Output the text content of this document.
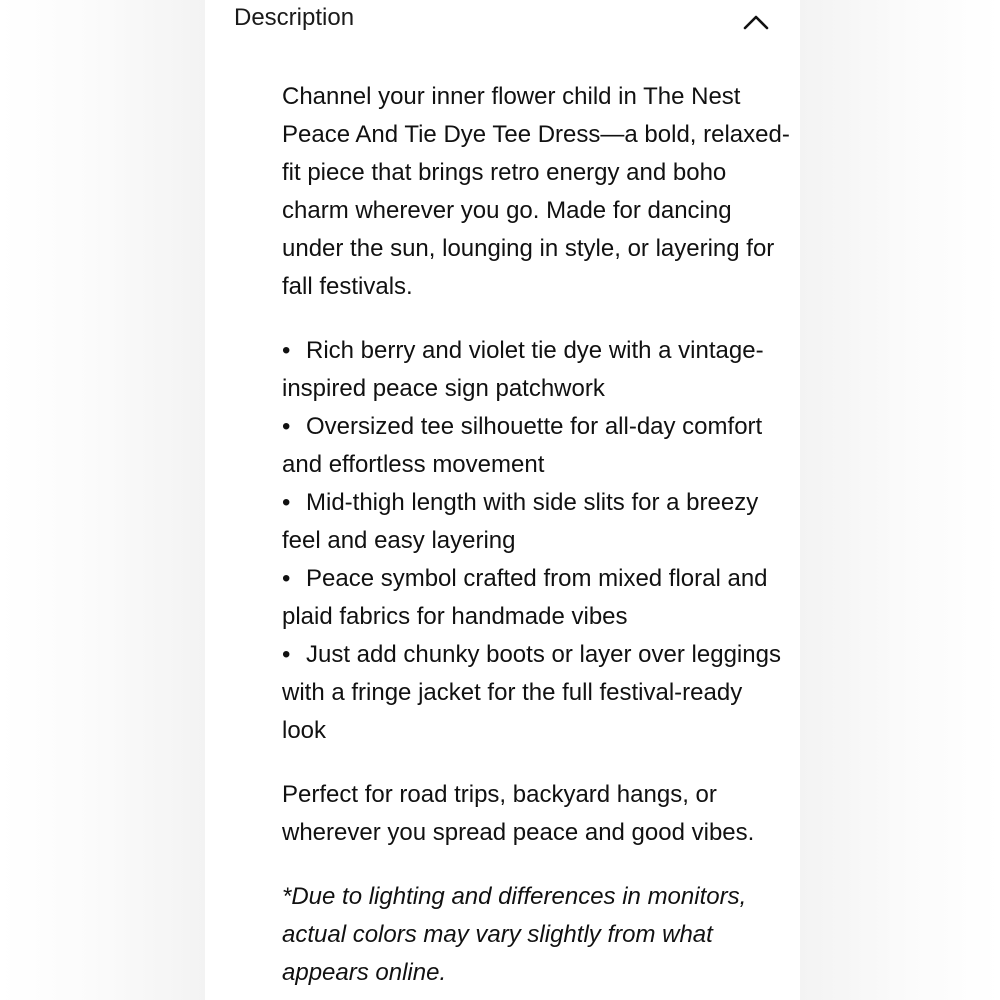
Description

Channel your inner flower child in The Nest Peace And Tie Dye Tee Dress—a bold, relaxed-fit piece that brings retro energy and boho charm wherever you go. Made for dancing under the sun, lounging in style, or layering for fall festivals.

• Rich berry and violet tie dye with a vintage-inspired peace sign patchwork
• Oversized tee silhouette for all-day comfort and effortless movement
• Mid-thigh length with side slits for a breezy feel and easy layering
• Peace symbol crafted from mixed floral and plaid fabrics for handmade vibes
• Just add chunky boots or layer over leggings with a fringe jacket for the full festival-ready look

Perfect for road trips, backyard hangs, or wherever you spread peace and good vibes.

*Due to lighting and differences in monitors, actual colors may vary slightly from what appears online.
